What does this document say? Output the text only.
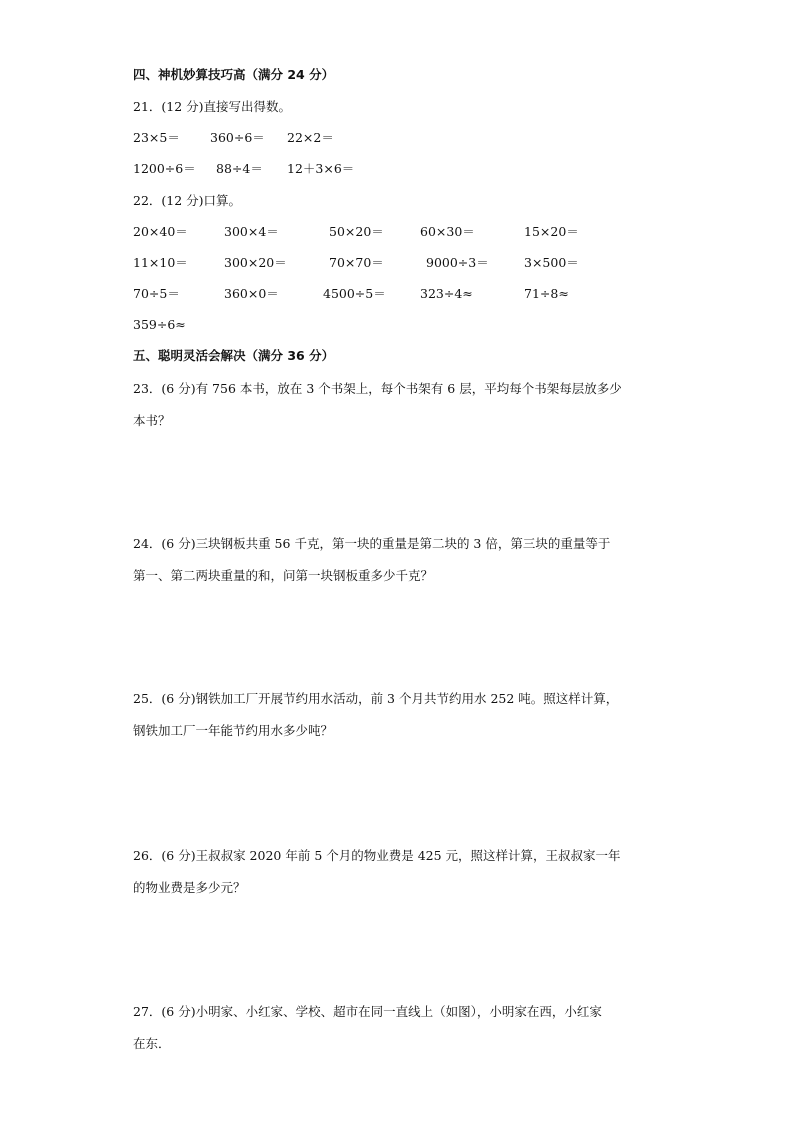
四、神机妙算技巧高（满分 24 分）
21．(12 分)直接写出得数。
23×5＝ 360÷6＝ 22×2＝
1200÷6＝ 88÷4＝ 12＋3×6＝
22．(12 分)口算。
20×40＝	300×4＝	50×20＝	60×30＝	15×20＝
11×10＝	300×20＝	70×70＝	9000÷3＝	3×500＝
70÷5＝	360×0＝	4500÷5＝	323÷4≈	71÷8≈
359÷6≈
五、聪明灵活会解决（满分 36 分）
23．(6 分)有 756 本书，放在 3 个书架上，每个书架有 6 层，平均每个书架每层放多少
本书？
24．(6 分)三块钢板共重 56 千克，第一块的重量是第二块的 3 倍，第三块的重量等于
第一、第二两块重量的和，问第一块钢板重多少千克？
25．(6 分)钢铁加工厂开展节约用水活动，前 3 个月共节约用水 252 吨。照这样计算，
钢铁加工厂一年能节约用水多少吨？
26．(6 分)王叔叔家 2020 年前 5 个月的物业费是 425 元，照这样计算，王叔叔家一年
的物业费是多少元？
27．(6 分)小明家、小红家、学校、超市在同一直线上（如图），小明家在西，小红家
在东．
